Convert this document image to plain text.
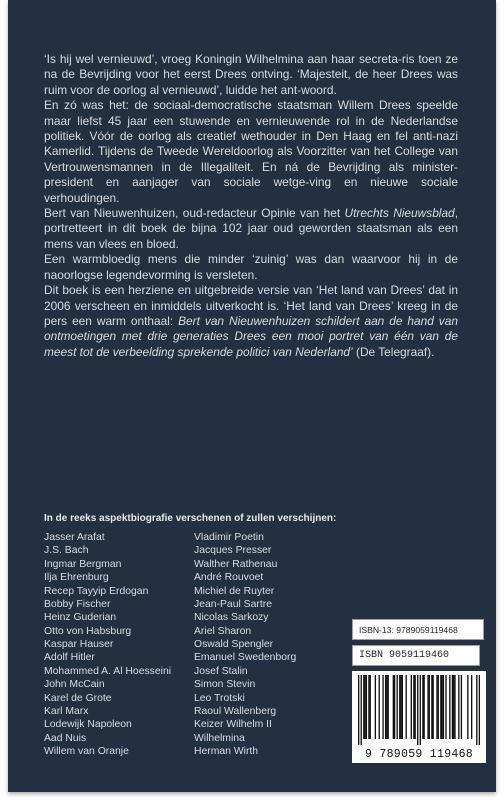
‘Is hij wel vernieuwd’, vroeg Koningin Wilhelmina aan haar secreta-ris toen ze na de Bevrijding voor het eerst Drees ontving. ‘Majesteit, de heer Drees was ruim voor de oorlog al vernieuwd’, luidde het ant-woord.

En zó was het: de sociaal-democratische staatsman Willem Drees speelde maar liefst 45 jaar een stuwende en vernieuwende rol in de Nederlandse politiek. Vóór de oorlog als creatief wethouder in Den Haag en fel anti-nazi Kamerlid. Tijdens de Tweede Wereldoorlog als Voorzitter van het College van Vertrouwensmannen in de Illegaliteit. En ná de Bevrijding als minister-president en aanjager van sociale wetge-ving en nieuwe sociale verhoudingen.

Bert van Nieuwenhuizen, oud-redacteur Opinie van het Utrechts Nieuwsblad, portretteert in dit boek de bijna 102 jaar oud geworden staatsman als een mens van vlees en bloed.

Een warmbloedig mens die minder ‘zuinig’ was dan waarvoor hij in de naoorlogse legendevorming is versleten.

Dit boek is een herziene en uitgebreide versie van ‘Het land van Drees’ dat in 2006 verscheen en inmiddels uitverkocht is. ‘Het land van Drees’ kreeg in de pers een warm onthaal: Bert van Nieuwenhuizen schildert aan de hand van ontmoetingen met drie generaties Drees een mooi portret van één van de meest tot de verbeelding sprekende politici van Nederland’ (De Telegraaf).

In de reeks aspektbiografie verschenen of zullen verschijnen:
Jasser Arafat
J.S. Bach
Ingmar Bergman
Ilja Ehrenburg
Recep Tayyip Erdogan
Bobby Fischer
Heinz Guderian
Otto von Habsburg
Kaspar Hauser
Adolf Hitler
Mohammed A. Al Hoesseini
John McCain
Karel de Grote
Karl Marx
Lodewijk Napoleon
Aad Nuis
Willem van Oranje
Vladimir Poetin
Jacques Presser
Walther Rathenau
André Rouvoet
Michiel de Ruyter
Jean-Paul Sartre
Nicolas Sarkozy
Ariel Sharon
Oswald Spengler
Emanuel Swedenborg
Josef Stalin
Simon Stevin
Leo Trotski
Raoul Wallenberg
Keizer Wilhelm II
Wilhelmina
Herman Wirth
ISBN-13: 9789059119468
ISBN 9059119460
9 789059 119468
